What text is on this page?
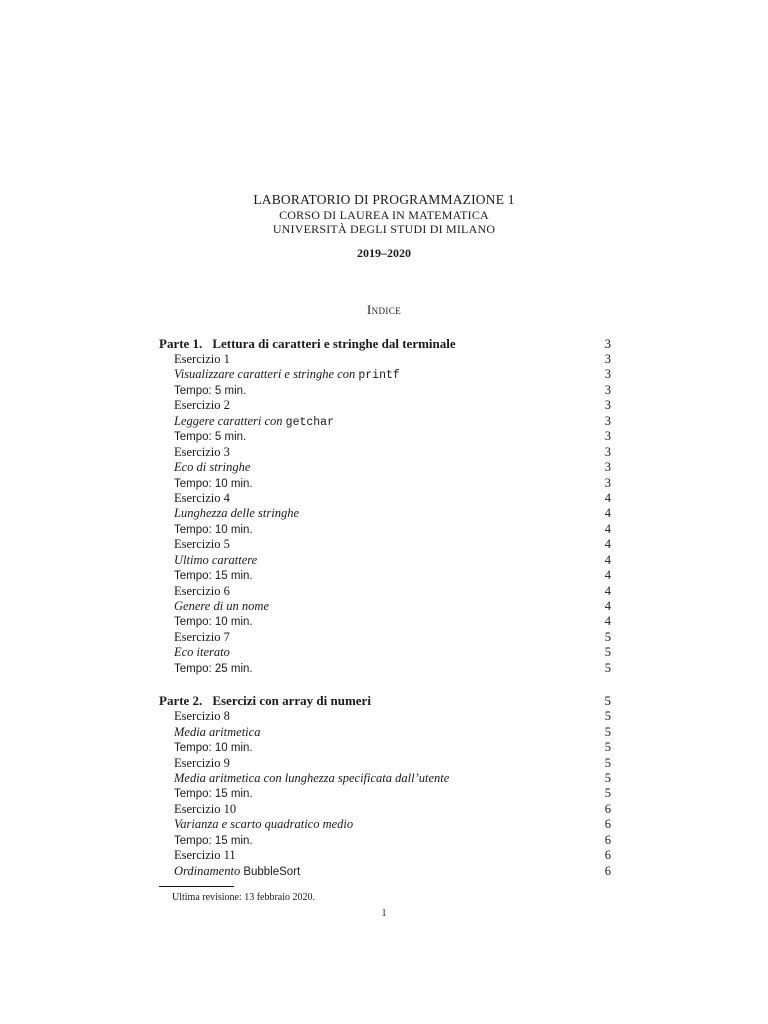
LABORATORIO DI PROGRAMMAZIONE 1
CORSO DI LAUREA IN MATEMATICA
UNIVERSITÀ DEGLI STUDI DI MILANO
2019–2020
Indice
Parte 1. Lettura di caratteri e stringhe dal terminale	3
Esercizio 1	3
Visualizzare caratteri e stringhe con printf	3
Tempo: 5 min.	3
Esercizio 2	3
Leggere caratteri con getchar	3
Tempo: 5 min.	3
Esercizio 3	3
Eco di stringhe	3
Tempo: 10 min.	3
Esercizio 4	4
Lunghezza delle stringhe	4
Tempo: 10 min.	4
Esercizio 5	4
Ultimo carattere	4
Tempo: 15 min.	4
Esercizio 6	4
Genere di un nome	4
Tempo: 10 min.	4
Esercizio 7	5
Eco iterato	5
Tempo: 25 min.	5
Parte 2. Esercizi con array di numeri	5
Esercizio 8	5
Media aritmetica	5
Tempo: 10 min.	5
Esercizio 9	5
Media aritmetica con lunghezza specificata dall’utente	5
Tempo: 15 min.	5
Esercizio 10	6
Varianza e scarto quadratico medio	6
Tempo: 15 min.	6
Esercizio 11	6
Ordinamento BubbleSort	6
Ultima revisione: 13 febbraio 2020.
1
